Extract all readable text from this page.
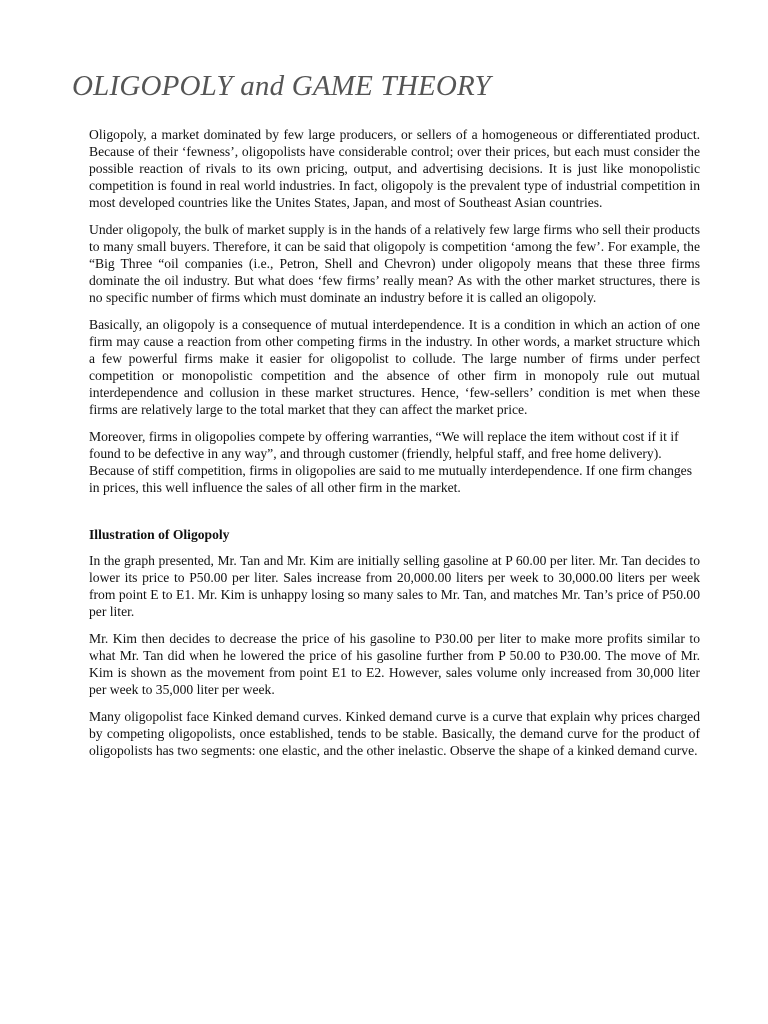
OLIGOPOLY and GAME THEORY

Oligopoly, a market dominated by few large producers, or sellers of a homogeneous or differentiated product. Because of their ‘fewness’, oligopolists have considerable control; over their prices, but each must consider the possible reaction of rivals to its own pricing, output, and advertising decisions. It is just like monopolistic competition is found in real world industries. In fact, oligopoly is the prevalent type of industrial competition in most developed countries like the Unites States, Japan, and most of Southeast Asian countries.

Under oligopoly, the bulk of market supply is in the hands of a relatively few large firms who sell their products to many small buyers. Therefore, it can be said that oligopoly is competition ‘among the few’. For example, the “Big Three “oil companies (i.e., Petron, Shell and Chevron) under oligopoly means that these three firms dominate the oil industry. But what does ‘few firms’ really mean? As with the other market structures, there is no specific number of firms which must dominate an industry before it is called an oligopoly.

Basically, an oligopoly is a consequence of mutual interdependence. It is a condition in which an action of one firm may cause a reaction from other competing firms in the industry. In other words, a market structure which a few powerful firms make it easier for oligopolist to collude. The large number of firms under perfect competition or monopolistic competition and the absence of other firm in monopoly rule out mutual interdependence and collusion in these market structures. Hence, ‘few-sellers’ condition is met when these firms are relatively large to the total market that they can affect the market price.

Moreover, firms in oligopolies compete by offering warranties, “We will replace the item without cost if it if found to be defective in any way”, and through customer (friendly, helpful staff, and free home delivery). Because of stiff competition, firms in oligopolies are said to me mutually interdependence. If one firm changes in prices, this well influence the sales of all other firm in the market.

Illustration of Oligopoly

In the graph presented, Mr. Tan and Mr. Kim are initially selling gasoline at P 60.00 per liter. Mr. Tan decides to lower its price to P50.00 per liter. Sales increase from 20,000.00 liters per week to 30,000.00 liters per week from point E to E1. Mr. Kim is unhappy losing so many sales to Mr. Tan, and matches Mr. Tan’s price of P50.00 per liter.

Mr. Kim then decides to decrease the price of his gasoline to P30.00 per liter to make more profits similar to what Mr. Tan did when he lowered the price of his gasoline further from P 50.00 to P30.00. The move of Mr. Kim is shown as the movement from point E1 to E2. However, sales volume only increased from 30,000 liter per week to 35,000 liter per week.

Many oligopolist face Kinked demand curves. Kinked demand curve is a curve that explain why prices charged by competing oligopolists, once established, tends to be stable. Basically, the demand curve for the product of oligopolists has two segments: one elastic, and the other inelastic. Observe the shape of a kinked demand curve.
